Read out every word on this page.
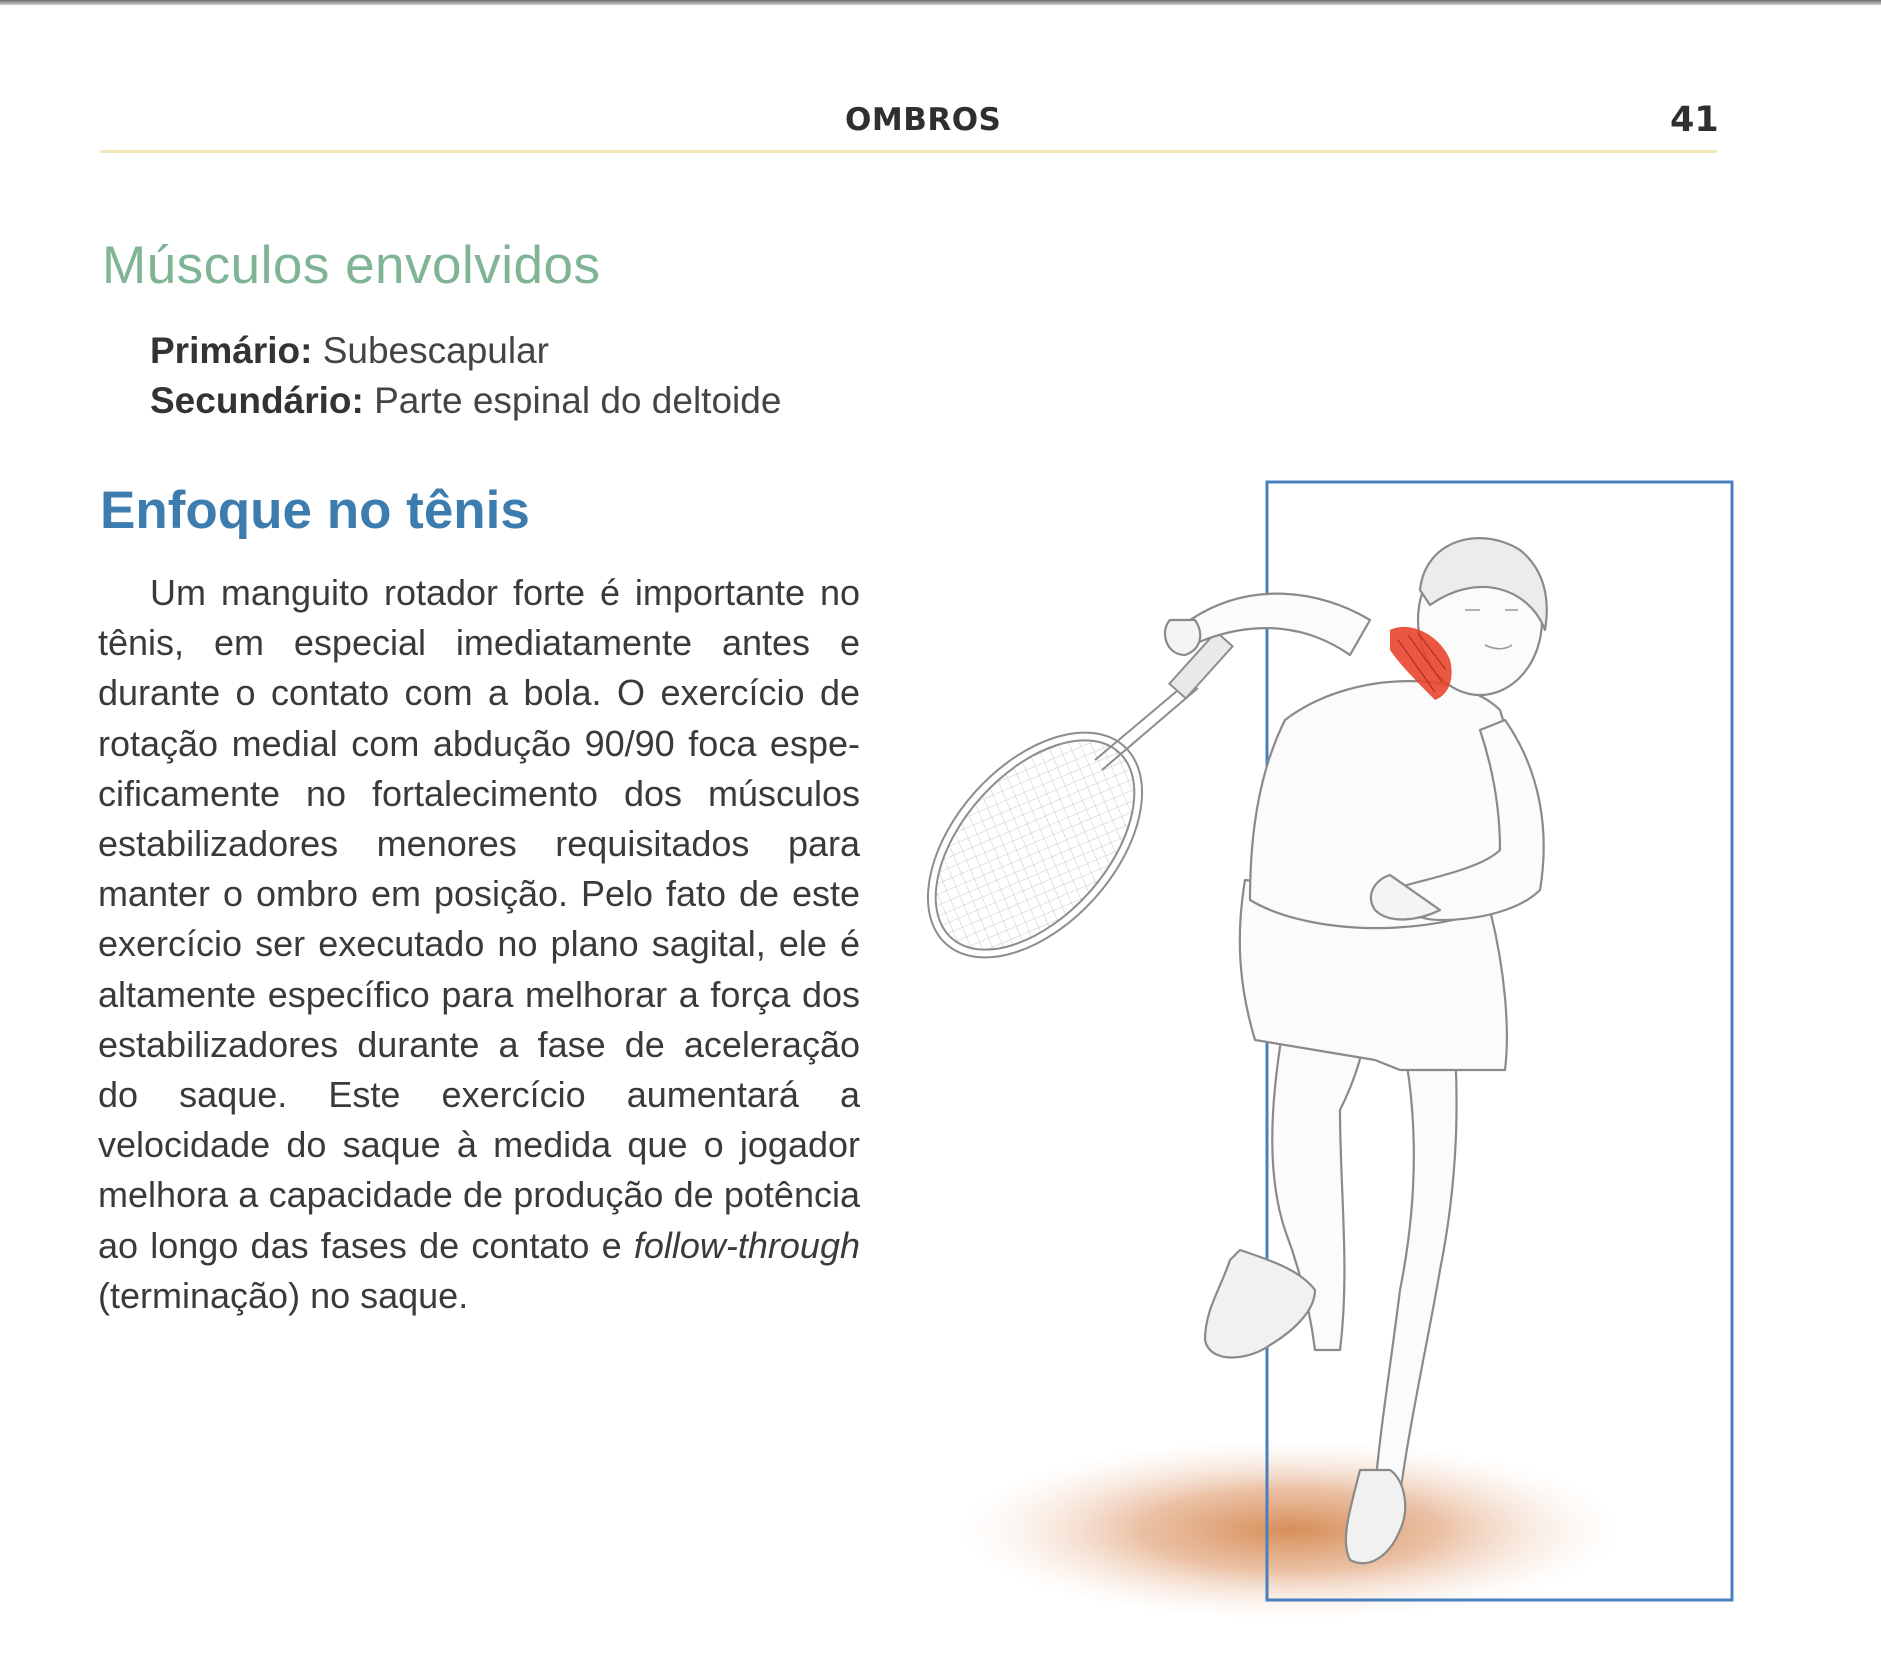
OMBROS	41
Músculos envolvidos
Primário: Subescapular
Secundário: Parte espinal do deltoide
Enfoque no tênis

Um manguito rotador forte é importante no tênis, em especial imediatamente antes e durante o contato com a bola. O exercício de rotação medial com abdução 90/90 foca especificamente no fortalecimento dos músculos estabilizadores menores requisitados para manter o ombro em posição. Pelo fato de este exercício ser executado no plano sagital, ele é altamente específico para melhorar a força dos estabilizadores durante a fase de aceleração do saque. Este exercício aumentará a velocidade do saque à medida que o jogador melhora a capacidade de produção de potência ao longo das fases de contato e follow-through (terminação) no saque.
